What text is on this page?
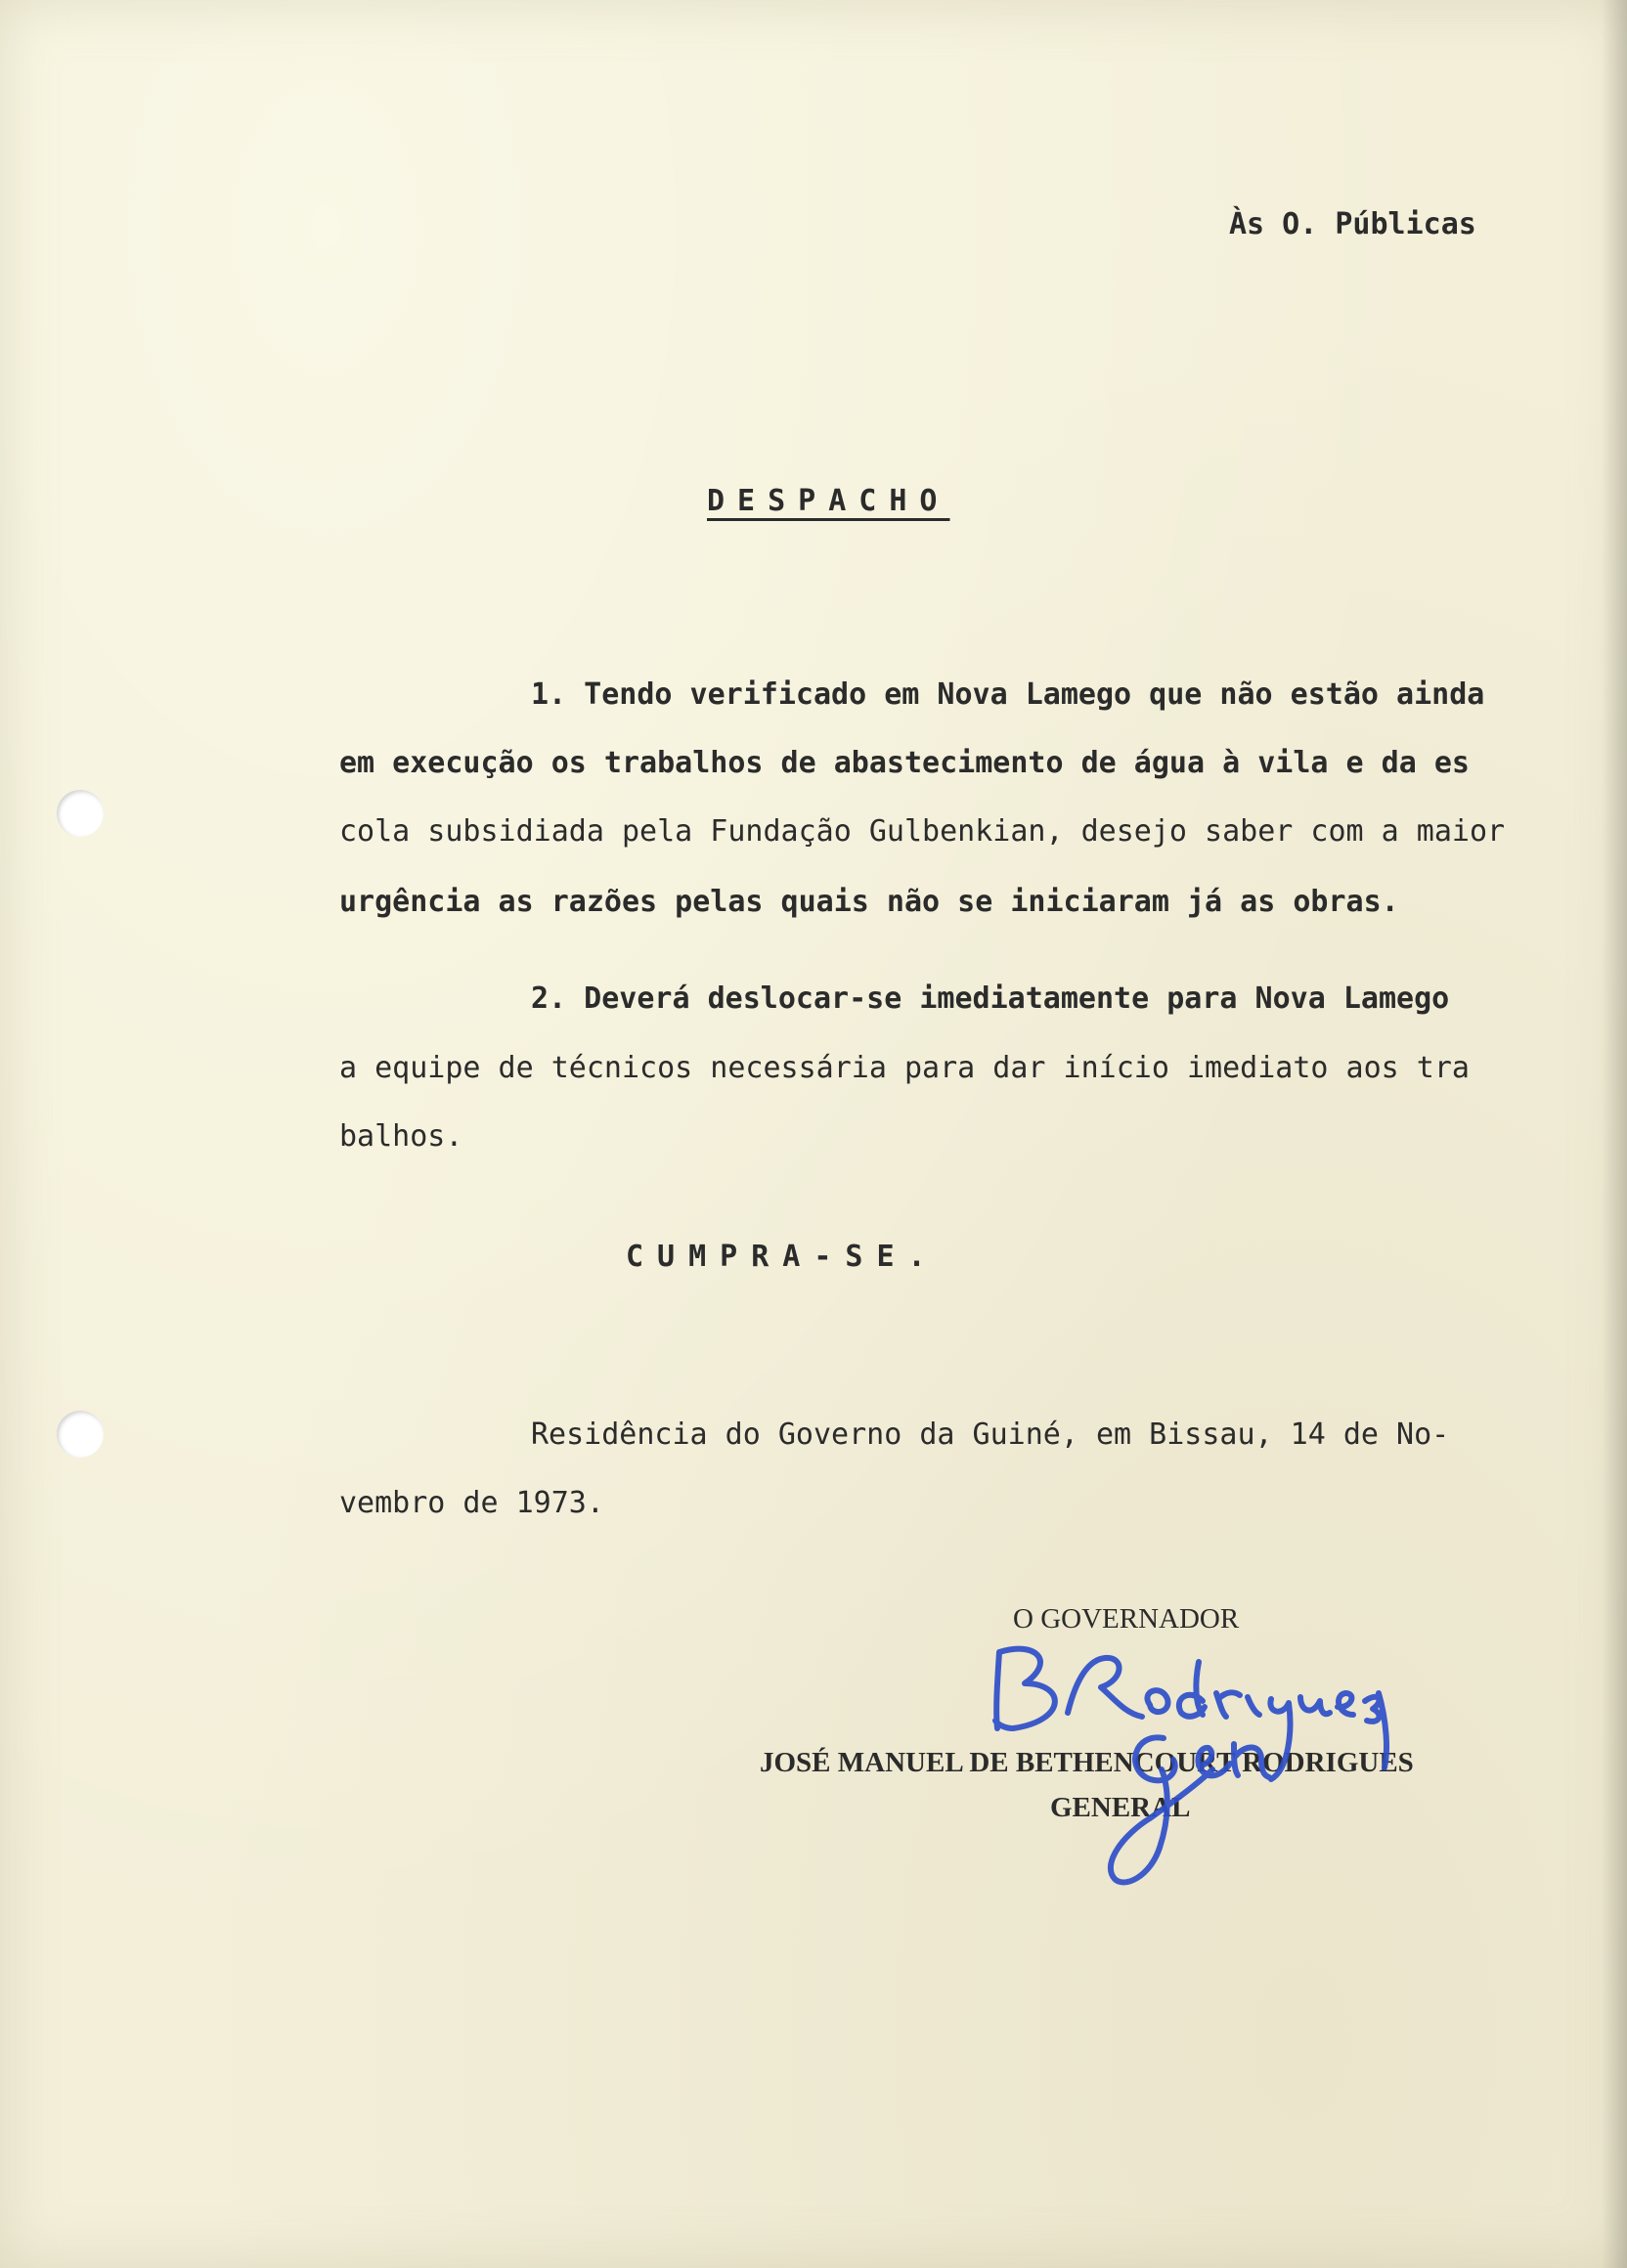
Às O. Públicas
DESPACHO
1. Tendo verificado em Nova Lamego que não estão ainda
em execução os trabalhos de abastecimento de água à vila e da es
cola subsidiada pela Fundação Gulbenkian, desejo saber com a maior
urgência as razões pelas quais não se iniciaram já as obras.
2. Deverá deslocar-se imediatamente para Nova Lamego
a equipe de técnicos necessária para dar início imediato aos tra
balhos.
CUMPRA-SE.
Residência do Governo da Guiné, em Bissau, 14 de No-
vembro de 1973.
O GOVERNADOR
JOSÉ MANUEL DE BETHENCOURT RODRIGUES
GENERAL
